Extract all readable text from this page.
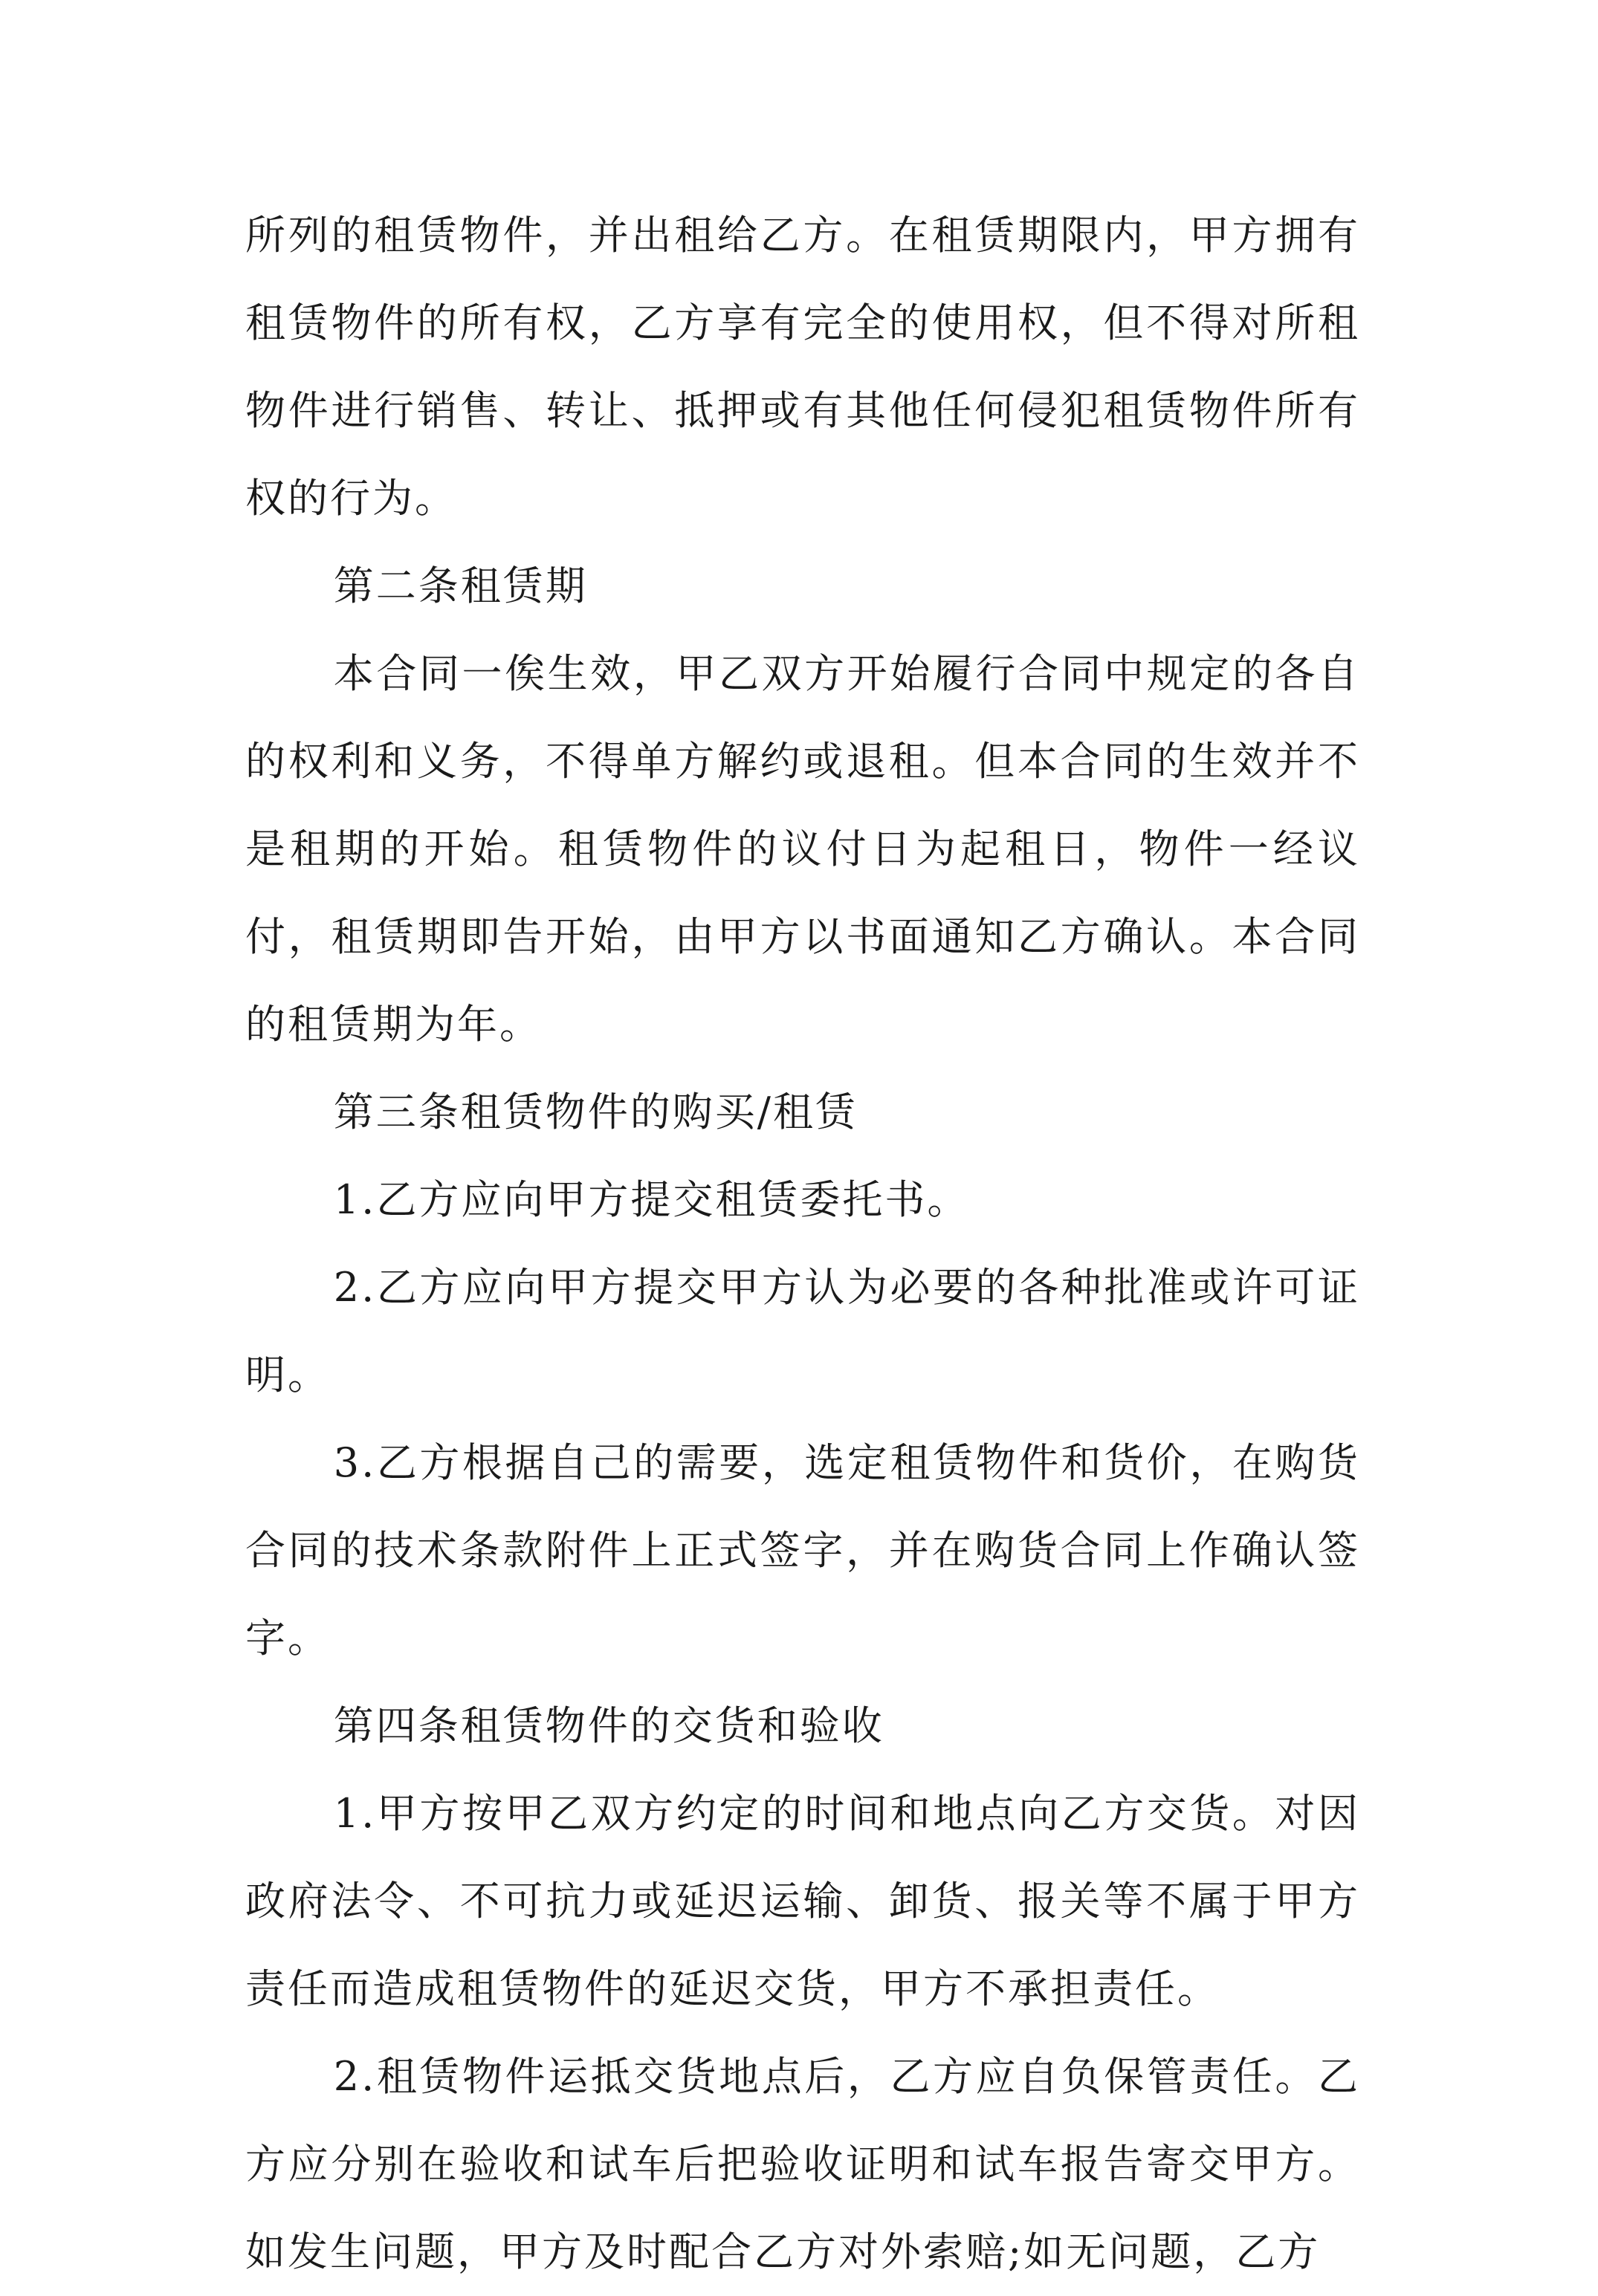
所列的租赁物件，并出租给乙方。在租赁期限内，甲方拥有租赁物件的所有权，乙方享有完全的使用权，但不得对所租物件进行销售、转让、抵押或有其他任何侵犯租赁物件所有权的行为。

第二条租赁期

本合同一俟生效，甲乙双方开始履行合同中规定的各自的权利和义务，不得单方解约或退租。但本合同的生效并不是租期的开始。租赁物件的议付日为起租日，物件一经议付，租赁期即告开始，由甲方以书面通知乙方确认。本合同的租赁期为年。

第三条租赁物件的购买/租赁

1.乙方应向甲方提交租赁委托书。

2.乙方应向甲方提交甲方认为必要的各种批准或许可证明。

3.乙方根据自己的需要，选定租赁物件和货价，在购货合同的技术条款附件上正式签字，并在购货合同上作确认签字。

第四条租赁物件的交货和验收

1.甲方按甲乙双方约定的时间和地点向乙方交货。对因政府法令、不可抗力或延迟运输、卸货、报关等不属于甲方责任而造成租赁物件的延迟交货，甲方不承担责任。

2.租赁物件运抵交货地点后，乙方应自负保管责任。乙方应分别在验收和试车后把验收证明和试车报告寄交甲方。如发生问题，甲方及时配合乙方对外索赔;如无问题，乙方
